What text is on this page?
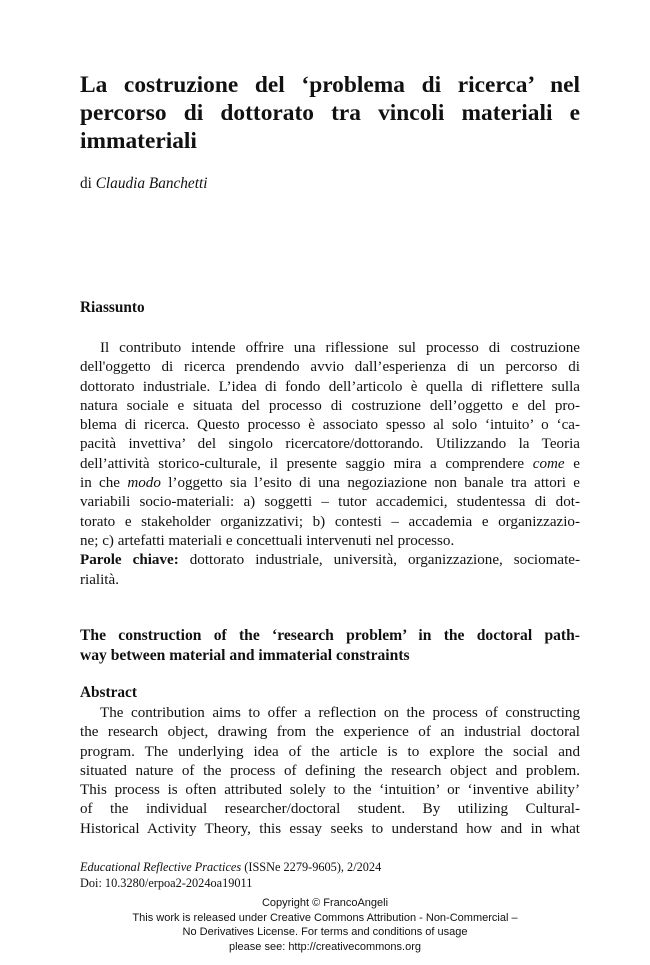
La costruzione del ‘problema di ricerca’ nel
percorso di dottorato tra vincoli materiali e
immateriali
di Claudia Banchetti
Riassunto
Il contributo intende offrire una riflessione sul processo di costruzione
dell'oggetto di ricerca prendendo avvio dall’esperienza di un percorso di
dottorato industriale. L’idea di fondo dell’articolo è quella di riflettere sulla
natura sociale e situata del processo di costruzione dell’oggetto e del pro-
blema di ricerca. Questo processo è associato spesso al solo ‘intuito’ o ‘ca-
pacità invettiva’ del singolo ricercatore/dottorando. Utilizzando la Teoria
dell’attività storico-culturale, il presente saggio mira a comprendere come e
in che modo l’oggetto sia l’esito di una negoziazione non banale tra attori e
variabili socio-materiali: a) soggetti – tutor accademici, studentessa di dot-
torato e stakeholder organizzativi; b) contesti – accademia e organizzazio-
ne; c) artefatti materiali e concettuali intervenuti nel processo.
Parole chiave: dottorato industriale, università, organizzazione, sociomate-
rialità.
The construction of the ‘research problem’ in the doctoral path-
way between material and immaterial constraints
Abstract
The contribution aims to offer a reflection on the process of constructing
the research object, drawing from the experience of an industrial doctoral
program. The underlying idea of the article is to explore the social and
situated nature of the process of defining the research object and problem.
This process is often attributed solely to the ‘intuition’ or ‘inventive ability’
of the individual researcher/doctoral student. By utilizing Cultural-
Historical Activity Theory, this essay seeks to understand how and in what
Educational Reflective Practices (ISSNe 2279-9605), 2/2024
Doi: 10.3280/erpoa2-2024oa19011
Copyright © FrancoAngeli
This work is released under Creative Commons Attribution - Non-Commercial –
No Derivatives License. For terms and conditions of usage
please see: http://creativecommons.org
